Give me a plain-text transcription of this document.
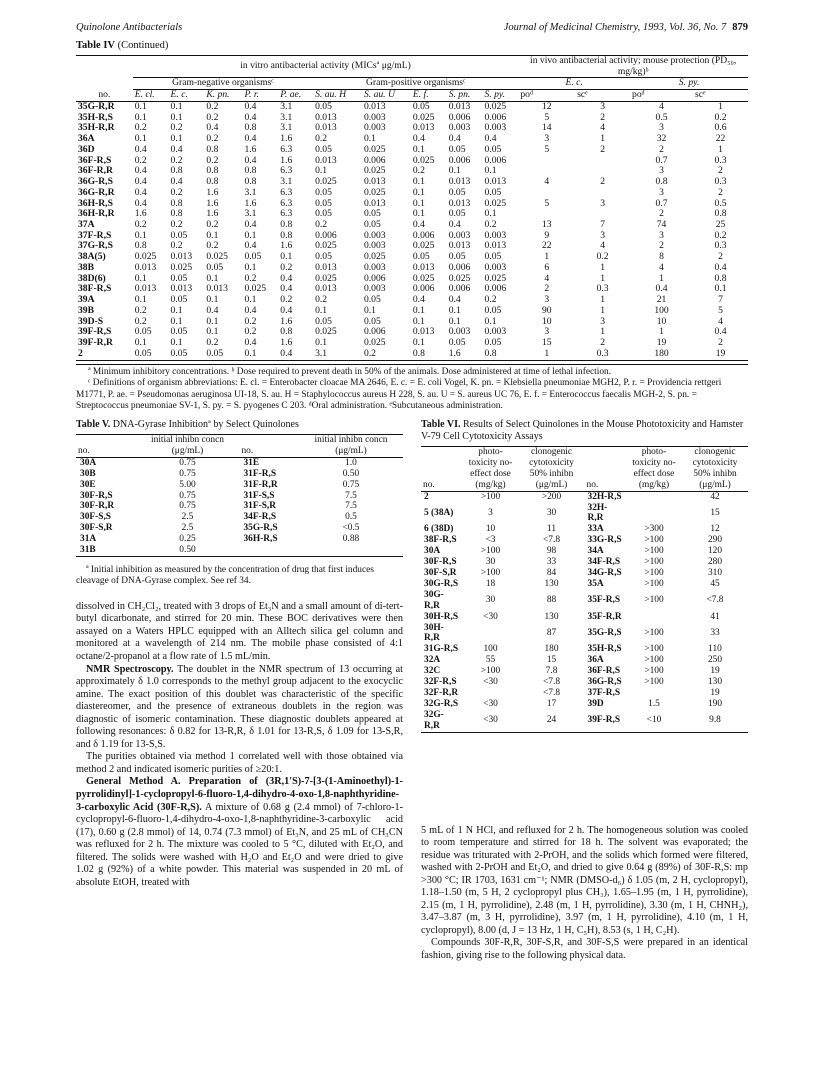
Quinolone Antibacterials	Journal of Medicinal Chemistry, 1993, Vol. 36, No. 7 879
Table IV (Continued)
	in vitro antibacterial activity (MICsª μg/mL)										in vivo antibacterial activity; mouse protection (PD₅₀, mg/kg)ᵇ			
	Gram-negative organismsᶜ					Gram-positive organismsᶜ					E. c.		S. py.	
no.	E. cl.	E. c.	K. pn.	P. r.	P. ae.	S. au. H	S. au. U	E. f.	S. pn.	S. py.	poᵈ	scᵉ	poᵈ	scᵉ
35G-R,R	0.1	0.1	0.2	0.4	3.1	0.05	0.013	0.05	0.013	0.025	12	3	4	1
35H-R,S	0.1	0.1	0.2	0.4	3.1	0.013	0.003	0.025	0.006	0.006	5	2	0.5	0.2
35H-R,R	0.2	0.2	0.4	0.8	3.1	0.013	0.003	0.013	0.003	0.003	14	4	3	0.6
36A	0.1	0.1	0.2	0.4	1.6	0.2	0.1	0.4	0.4	0.4	3	1	32	22
36D	0.4	0.4	0.8	1.6	6.3	0.05	0.025	0.1	0.05	0.05	5	2	2	1
36F-R,S	0.2	0.2	0.2	0.4	1.6	0.013	0.006	0.025	0.006	0.006			0.7	0.3
36F-R,R	0.4	0.8	0.8	0.8	6.3	0.1	0.025	0.2	0.1	0.1			3	2
36G-R,S	0.4	0.4	0.8	0.8	3.1	0.025	0.013	0.1	0.013	0.013	4	2	0.8	0.3
36G-R,R	0.4	0.2	1.6	3.1	6.3	0.05	0.025	0.1	0.05	0.05			3	2
36H-R,S	0.4	0.8	1.6	1.6	6.3	0.05	0.013	0.1	0.013	0.025	5	3	0.7	0.5
36H-R,R	1.6	0.8	1.6	3.1	6.3	0.05	0.05	0.1	0.05	0.1			2	0.8
37A	0.2	0.2	0.2	0.4	0.8	0.2	0.05	0.4	0.4	0.2	13	7	74	25
37F-R,S	0.1	0.05	0.1	0.1	0.8	0.006	0.003	0.006	0.003	0.003	9	3	3	0.2
37G-R,S	0.8	0.2	0.2	0.4	1.6	0.025	0.003	0.025	0.013	0.013	22	4	2	0.3
38A(5)	0.025	0.013	0.025	0.05	0.1	0.05	0.025	0.05	0.05	0.05	1	0.2	8	2
38B	0.013	0.025	0.05	0.1	0.2	0.013	0.003	0.013	0.006	0.003	6	1	4	0.4
38D(6)	0.1	0.05	0.1	0.2	0.4	0.025	0.006	0.025	0.025	0.025	4	1	1	0.8
38F-R,S	0.013	0.013	0.013	0.025	0.4	0.013	0.003	0.006	0.006	0.006	2	0.3	0.4	0.1
39A	0.1	0.05	0.1	0.1	0.2	0.2	0.05	0.4	0.4	0.2	3	1	21	7
39B	0.2	0.1	0.4	0.4	0.4	0.1	0.1	0.1	0.1	0.05	90	1	100	5
39D-S	0.2	0.1	0.1	0.2	1.6	0.05	0.05	0.1	0.1	0.1	10	3	10	4
39F-R,S	0.05	0.05	0.1	0.2	0.8	0.025	0.006	0.013	0.003	0.003	3	1	1	0.4
39F-R,R	0.1	0.1	0.2	0.4	1.6	0.1	0.025	0.1	0.05	0.05	15	2	19	2
2	0.05	0.05	0.05	0.1	0.4	3.1	0.2	0.8	1.6	0.8	1	0.3	180	19

ª Minimum inhibitory concentrations. ᵇ Dose required to prevent death in 50% of the animals. Dose administered at time of lethal infection.

ᶜ Definitions of organism abbreviations: E. cl. = Enterobacter cloacae MA 2646, E. c. = E. coli Vogel, K. pn. = Klebsiella pneumoniae MGH2, P. r. = Providencia rettgeri M1771, P. ae. = Pseudomonas aeruginosa UI-18, S. au. H = Staphylococcus aureus H 228, S. au. U = S. aureus UC 76, E. f. = Enterococcus faecalis MGH-2, S. pn. = Streptococcus pneumoniae SV-1, S. py. = S. pyogenes C 203. ᵈOral administration. ᵉSubcutaneous administration.

Table V. DNA-Gyrase Inhibitionª by Select Quinolones
no.	initial inhibn concn (μg/mL)	no.	initial inhibn concn (μg/mL)
30A	0.75	31E	1.0
30B	0.75	31F-R,S	0.50
30E	5.00	31F-R,R	0.75
30F-R,S	0.75	31F-S,S	7.5
30F-R,R	0.75	31F-S,R	7.5
30F-S,S	2.5	34F-R,S	0.5
30F-S,R	2.5	35G-R,S	<0.5
31A	0.25	36H-R,S	0.88
31B	0.50		
ª Initial inhibition as measured by the concentration of drug that first induces cleavage of DNA-Gyrase complex. See ref 34.

dissolved in CH₂Cl₂, treated with 3 drops of Et₃N and a small amount of di-tert-butyl dicarbonate, and stirred for 20 min. These BOC derivatives were then assayed on a Waters HPLC equipped with an Alltech silica gel column and monitored at a wavelength of 214 nm. The mobile phase consisted of 4:1 octane/2-propanol at a flow rate of 1.5 mL/min.

NMR Spectroscopy. The doublet in the NMR spectrum of 13 occurring at approximately δ 1.0 corresponds to the methyl group adjacent to the exocyclic amine. The exact position of this doublet was characteristic of the specific diastereomer, and the presence of extraneous doublets in the region was diagnostic of isomeric contamination. These diagnostic doublets appeared at following resonances: δ 0.82 for 13-R,R, δ 1.01 for 13-R,S, δ 1.09 for 13-S,R, and δ 1.19 for 13-S,S.

The purities obtained via method 1 correlated well with those obtained via method 2 and indicated isomeric purities of ≥20:1.

General Method A. Preparation of (3R,1'S)-7-[3-(1-Aminoethyl)-1-pyrrolidinyl]-1-cyclopropyl-6-fluoro-1,4-dihydro-4-oxo-1,8-naphthyridine-3-carboxylic Acid (30F-R,S). A mixture of 0.68 g (2.4 mmol) of 7-chloro-1-cyclopropyl-6-fluoro-1,4-dihydro-4-oxo-1,8-naphthyridine-3-carboxylic acid (17), 0.60 g (2.8 mmol) of 14, 0.74 (7.3 mmol) of Et₃N, and 25 mL of CH₃CN was refluxed for 2 h. The mixture was cooled to 5 °C, diluted with Et₂O, and filtered. The solids were washed with H₂O and Et₂O and were dried to give 1.02 g (92%) of a white powder. This material was suspended in 20 mL of absolute EtOH, treated with

Table VI. Results of Select Quinolones in the Mouse Phototoxicity and Hamster V-79 Cell Cytotoxicity Assays
no.	photo-toxicity no-effect dose (mg/kg)	clonogenic cytotoxicity 50% inhibn (μg/mL)	no.	photo-toxicity no-effect dose (mg/kg)	clonogenic cytotoxicity 50% inhibn (μg/mL)
2	>100	>200	32H-R,S		42
5 (38A)	3	30	32H-R,R		15
6 (38D)	10	11	33A	>300	12
38F-R,S	<3	<7.8	33G-R,S	>100	290
30A	>100	98	34A	>100	120
30F-R,S	30	33	34F-R,S	>100	280
30F-S,R	>100	84	34G-R,S	>100	310
30G-R,S	18	130	35A	>100	45
30G-R,R	30	88	35F-R,S	>100	<7.8
30H-R,S	<30	130	35F-R,R		41
30H-R,R		87	35G-R,S	>100	33
31G-R,S	100	180	35H-R,S	>100	110
32A	55	15	36A	>100	250
32C	>100	7.8	36F-R,S	>100	19
32F-R,S	<30	<7.8	36G-R,S	>100	130
32F-R,R		<7.8	37F-R,S		19
32G-R,S	<30	17	39D	1.5	190
32G-R,R	<30	24	39F-R,S	<10	9.8

5 mL of 1 N HCl, and refluxed for 2 h. The homogeneous solution was cooled to room temperature and stirred for 18 h. The solvent was evaporated; the residue was triturated with 2-PrOH, and the solids which formed were filtered, washed with 2-PrOH and Et₂O, and dried to give 0.64 g (89%) of 30F-R,S: mp >300 °C; IR 1703, 1631 cm⁻¹; NMR (DMSO-d₆) δ 1.05 (m, 2 H, cyclopropyl), 1.18–1.50 (m, 5 H, 2 cyclopropyl plus CH₃), 1.65–1.95 (m, 1 H, pyrrolidine), 2.15 (m, 1 H, pyrrolidine), 2.48 (m, 1 H, pyrrolidine), 3.30 (m, 1 H, CHNH₂), 3.47–3.87 (m, 3 H, pyrrolidine), 3.97 (m, 1 H, pyrrolidine), 4.10 (m, 1 H, cyclopropyl), 8.00 (d, J = 13 Hz, 1 H, C₅H), 8.53 (s, 1 H, C₂H).

Compounds 30F-R,R, 30F-S,R, and 30F-S,S were prepared in an identical fashion, giving rise to the following physical data.
